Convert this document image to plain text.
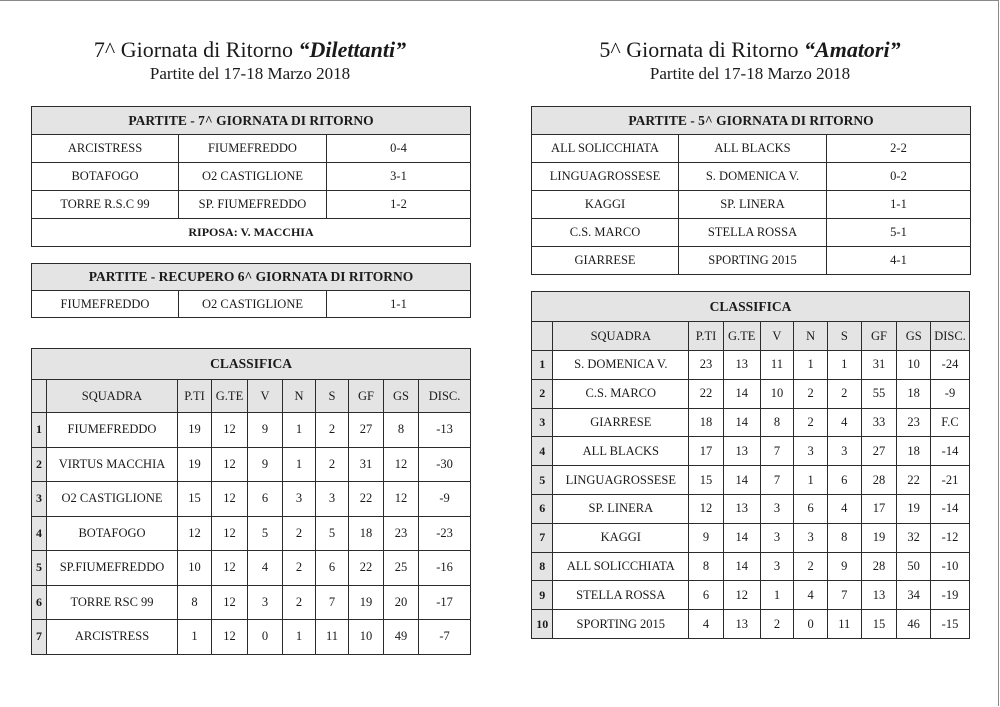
7^ Giornata di Ritorno “Dilettanti”
Partite del 17-18 Marzo 2018
5^ Giornata di Ritorno “Amatori”
Partite del 17-18 Marzo 2018
PARTITE - 7^ GIORNATA DI RITORNO		
ARCISTRESS	FIUMEFREDDO	0-4
BOTAFOGO	O2 CASTIGLIONE	3-1
TORRE R.S.C 99	SP. FIUMEFREDDO	1-2
RIPOSA: V. MACCHIA		
PARTITE - RECUPERO 6^ GIORNATA DI RITORNO
FIUMEFREDDO	O2 CASTIGLIONE	1-1
CLASSIFICA									
	SQUADRA	P.TI	G.TE	V	N	S	GF	GS	DISC.
1	FIUMEFREDDO	19	12	9	1	2	27	8	-13
2	VIRTUS MACCHIA	19	12	9	1	2	31	12	-30
3	O2 CASTIGLIONE	15	12	6	3	3	22	12	-9
4	BOTAFOGO	12	12	5	2	5	18	23	-23
5	SP.FIUMEFREDDO	10	12	4	2	6	22	25	-16
6	TORRE RSC 99	8	12	3	2	7	19	20	-17
7	ARCISTRESS	1	12	0	1	11	10	49	-7
PARTITE - 5^ GIORNATA DI RITORNO		
ALL SOLICCHIATA	ALL BLACKS	2-2
LINGUAGROSSESE	S. DOMENICA V.	0-2
KAGGI	SP. LINERA	1-1
C.S. MARCO	STELLA ROSSA	5-1
GIARRESE	SPORTING 2015	4-1
CLASSIFICA									
	SQUADRA	P.TI	G.TE	V	N	S	GF	GS	DISC.
1	S. DOMENICA V.	23	13	11	1	1	31	10	-24
2	C.S. MARCO	22	14	10	2	2	55	18	-9
3	GIARRESE	18	14	8	2	4	33	23	F.C
4	ALL BLACKS	17	13	7	3	3	27	18	-14
5	LINGUAGROSSESE	15	14	7	1	6	28	22	-21
6	SP. LINERA	12	13	3	6	4	17	19	-14
7	KAGGI	9	14	3	3	8	19	32	-12
8	ALL SOLICCHIATA	8	14	3	2	9	28	50	-10
9	STELLA ROSSA	6	12	1	4	7	13	34	-19
10	SPORTING 2015	4	13	2	0	11	15	46	-15
